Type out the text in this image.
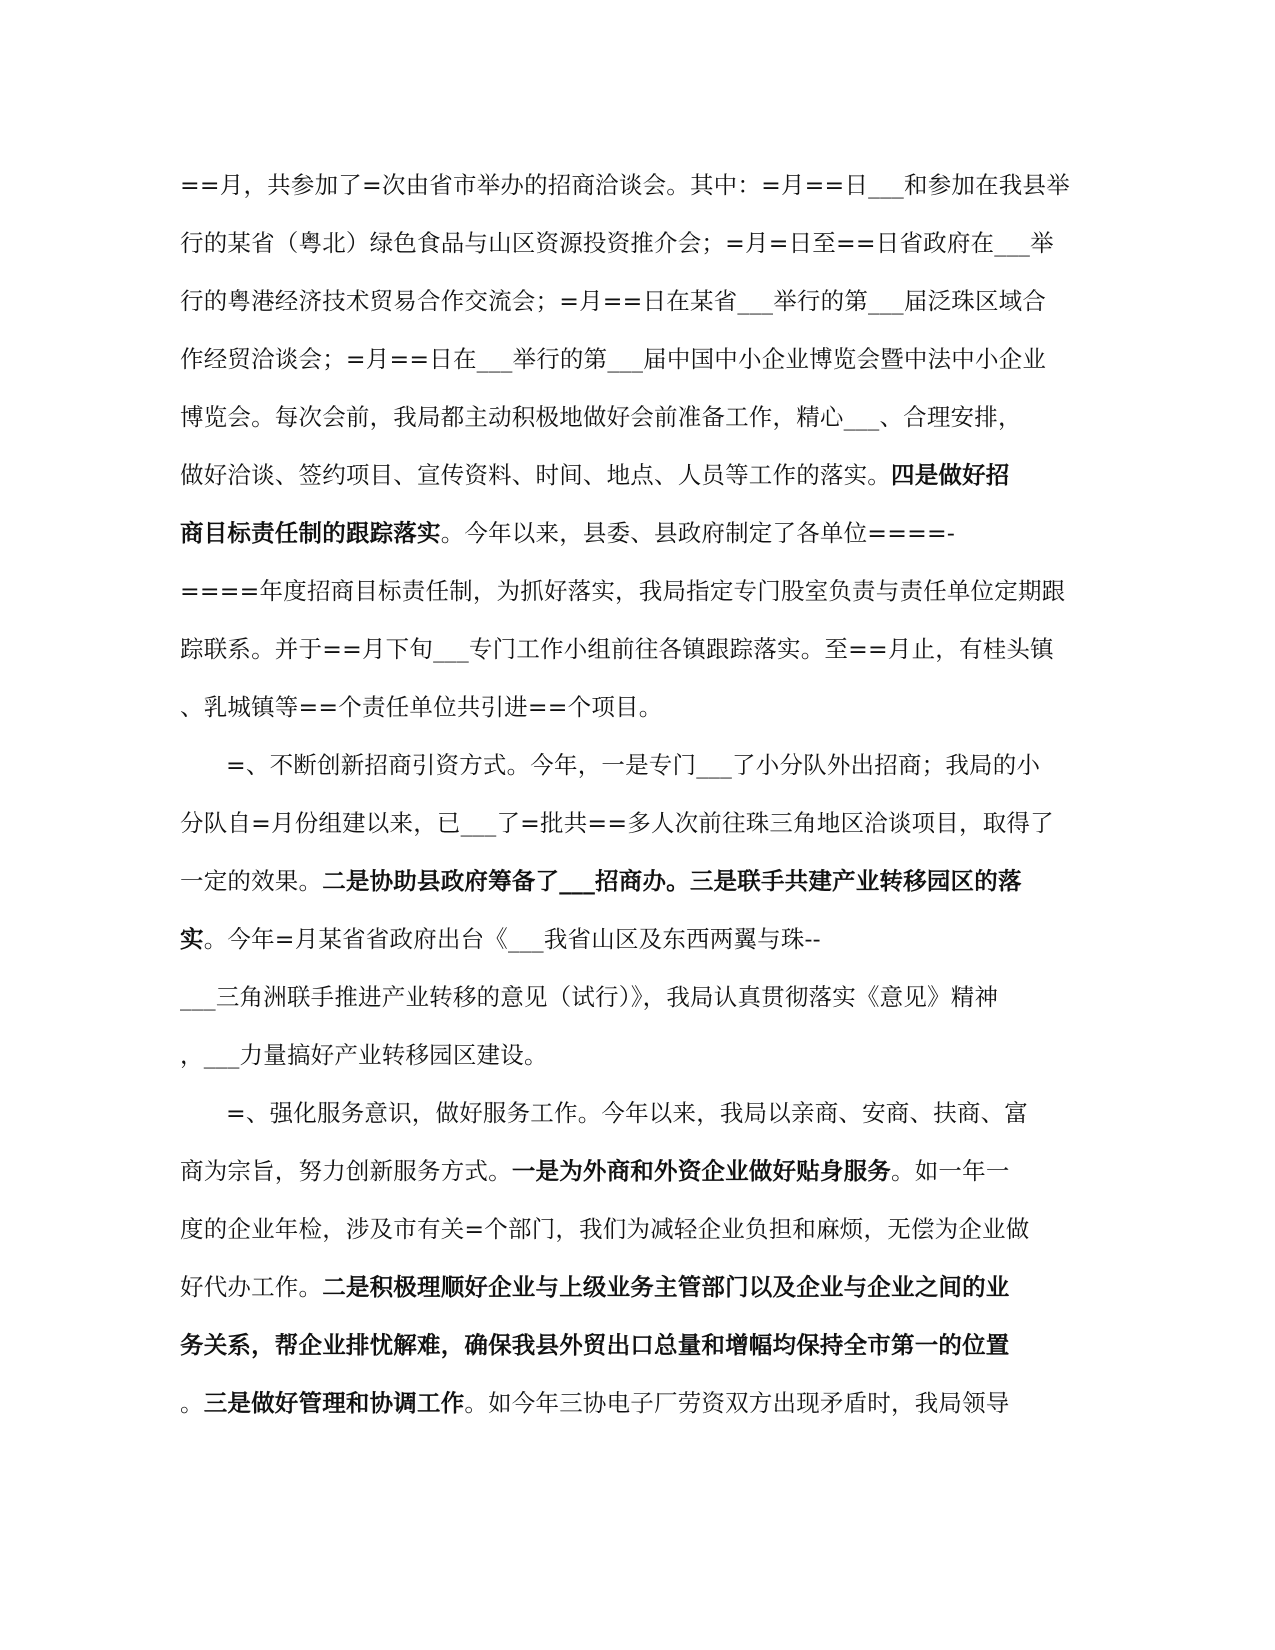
==月，共参加了=次由省市举办的招商洽谈会。其中：=月==日___和参加在我县举
行的某省（粤北）绿色食品与山区资源投资推介会；=月=日至==日省政府在___举
行的粤港经济技术贸易合作交流会；=月==日在某省___举行的第___届泛珠区域合
作经贸洽谈会；=月==日在___举行的第___届中国中小企业博览会暨中法中小企业
博览会。每次会前，我局都主动积极地做好会前准备工作，精心___、合理安排，
做好洽谈、签约项目、宣传资料、时间、地点、人员等工作的落实。四是做好招
商目标责任制的跟踪落实。今年以来，县委、县政府制定了各单位====-
====年度招商目标责任制，为抓好落实，我局指定专门股室负责与责任单位定期跟
踪联系。并于==月下旬___专门工作小组前往各镇跟踪落实。至==月止，有桂头镇
、乳城镇等==个责任单位共引进==个项目。
=、不断创新招商引资方式。今年，一是专门___了小分队外出招商；我局的小
分队自=月份组建以来，已___了=批共==多人次前往珠三角地区洽谈项目，取得了
一定的效果。二是协助县政府筹备了___招商办。三是联手共建产业转移园区的落
实。今年=月某省省政府出台《___我省山区及东西两翼与珠--
___三角洲联手推进产业转移的意见（试行）》，我局认真贯彻落实《意见》精神
，___力量搞好产业转移园区建设。
=、强化服务意识，做好服务工作。今年以来，我局以亲商、安商、扶商、富
商为宗旨，努力创新服务方式。一是为外商和外资企业做好贴身服务。如一年一
度的企业年检，涉及市有关=个部门，我们为减轻企业负担和麻烦，无偿为企业做
好代办工作。二是积极理顺好企业与上级业务主管部门以及企业与企业之间的业
务关系，帮企业排忧解难，确保我县外贸出口总量和增幅均保持全市第一的位置
。三是做好管理和协调工作。如今年三协电子厂劳资双方出现矛盾时，我局领导
